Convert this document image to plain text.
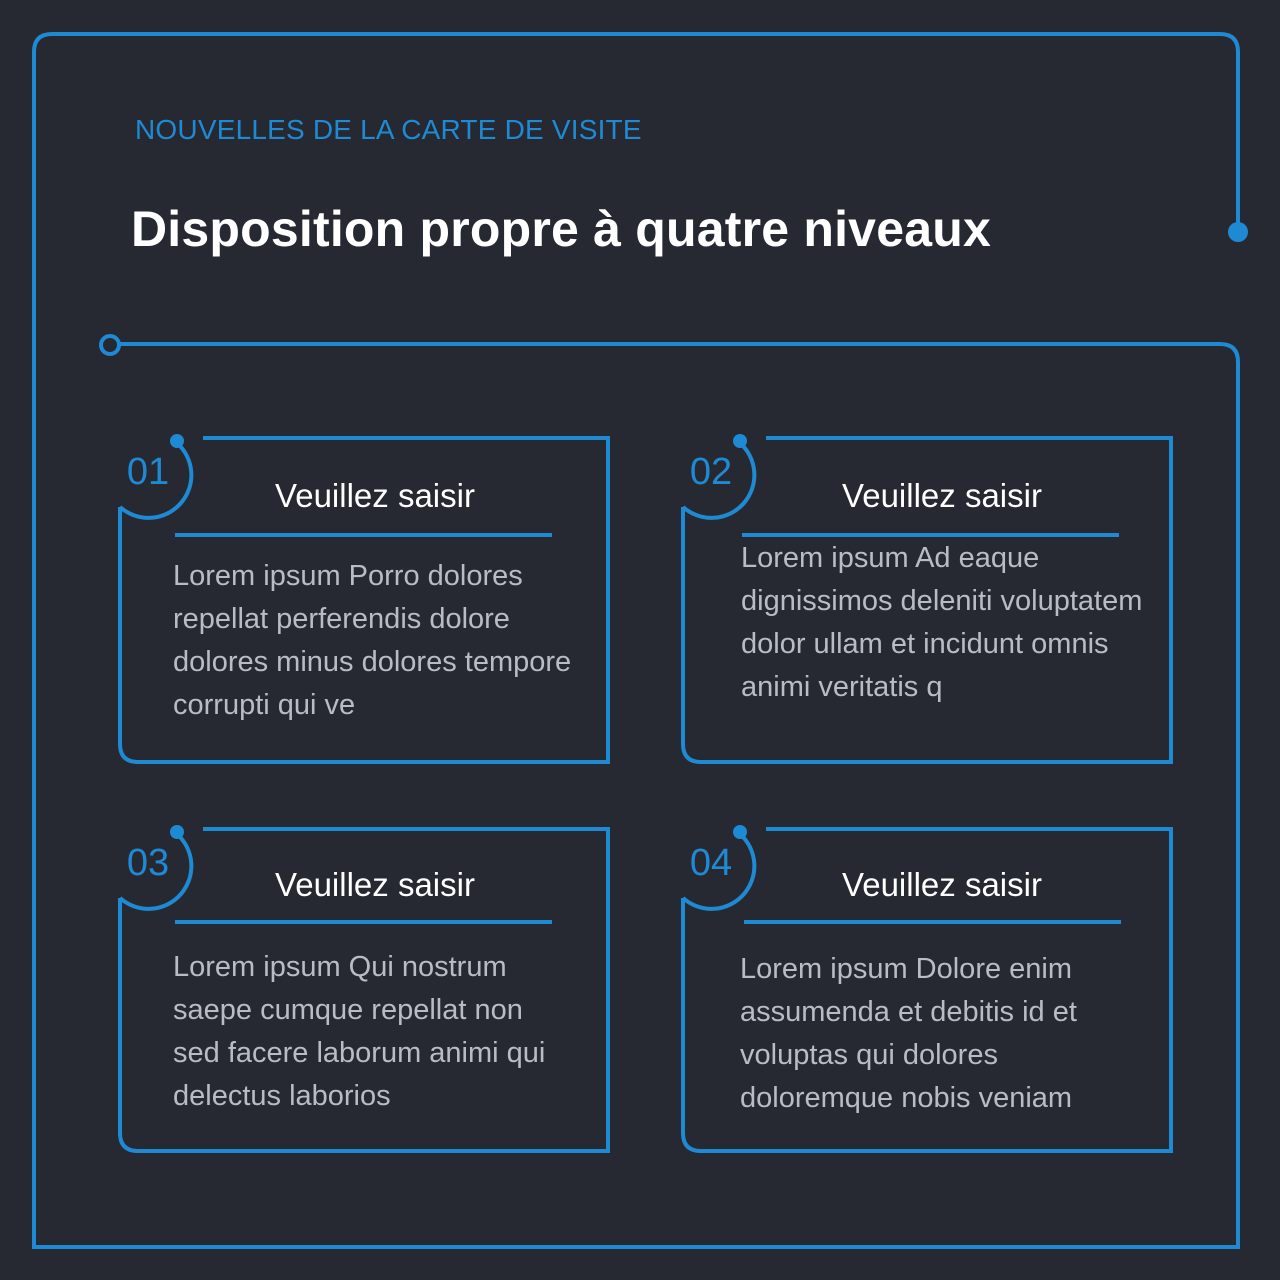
NOUVELLES DE LA CARTE DE VISITE
Disposition propre à quatre niveaux
01
Veuillez saisir
Lorem ipsum Porro dolores repellat perferendis dolore dolores minus dolores tempore corrupti qui ve
02
Veuillez saisir
Lorem ipsum Ad eaque dignissimos deleniti voluptatem dolor ullam et incidunt omnis animi veritatis q
03
Veuillez saisir
Lorem ipsum Qui nostrum saepe cumque repellat non sed facere laborum animi qui delectus laborios
04
Veuillez saisir
Lorem ipsum Dolore enim assumenda et debitis id et voluptas qui dolores doloremque nobis veniam
